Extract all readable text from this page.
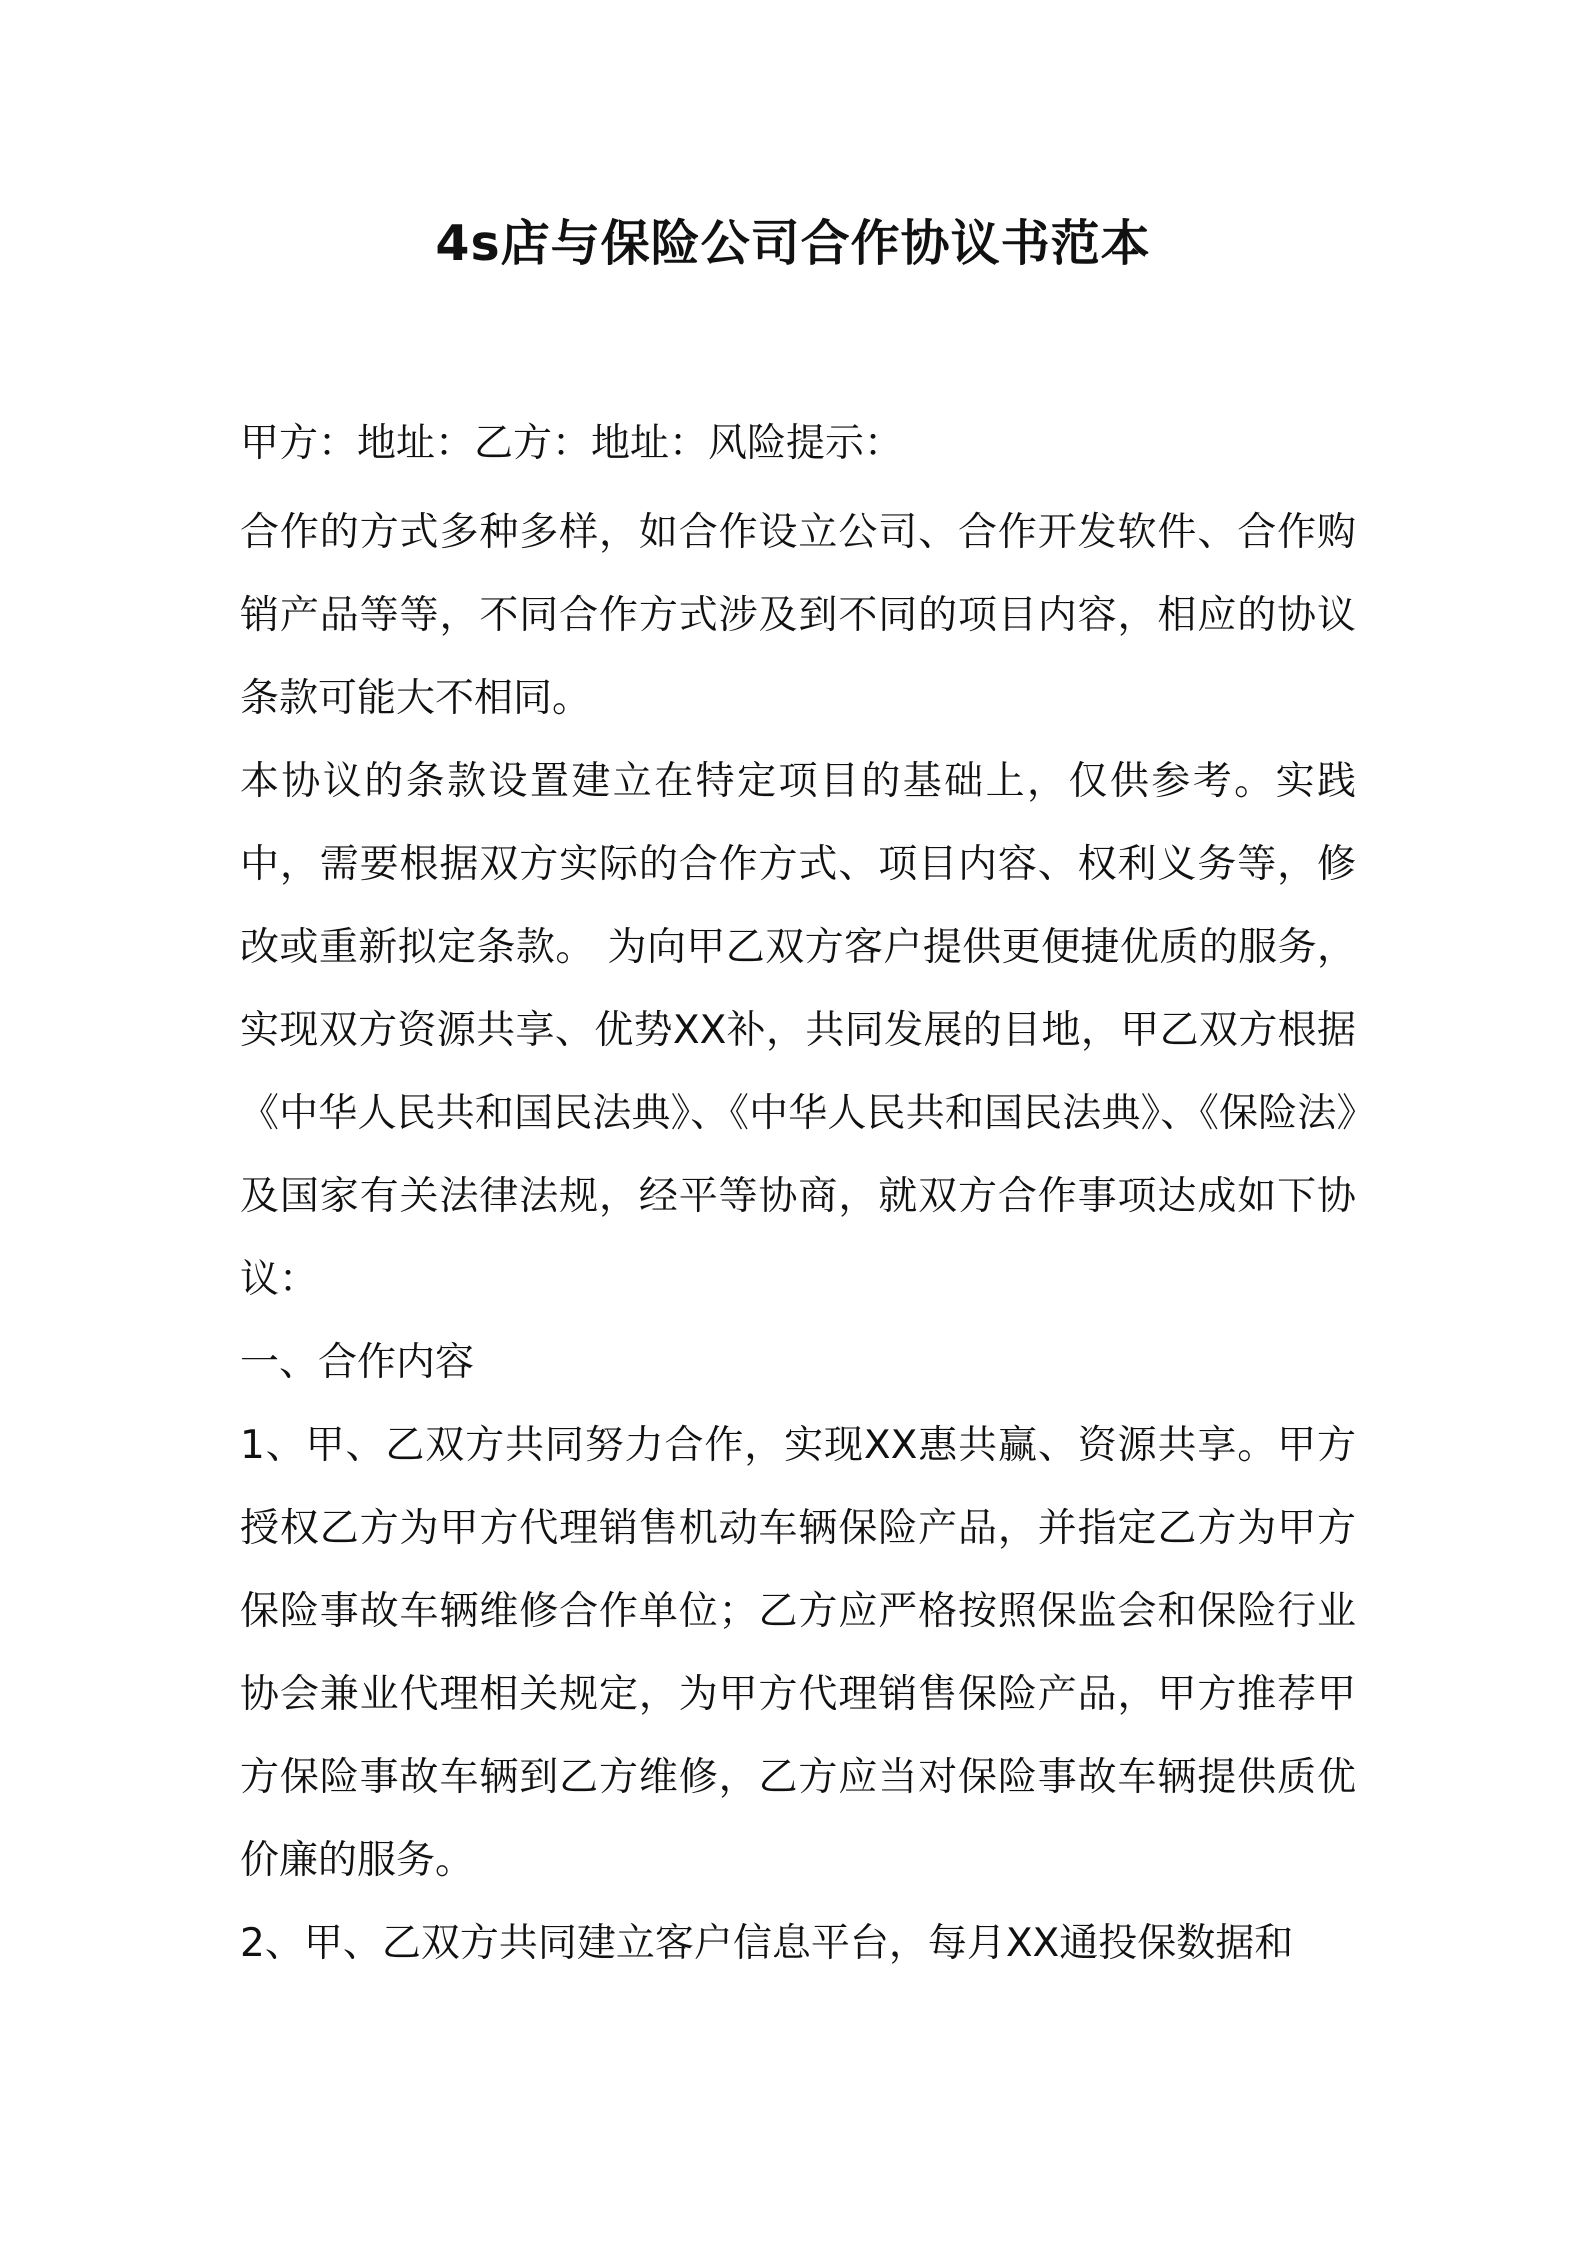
4s店与保险公司合作协议书范本

甲方：地址：乙方：地址：风险提示：

合作的方式多种多样，如合作设立公司、合作开发软件、合作购销产品等等，不同合作方式涉及到不同的项目内容，相应的协议条款可能大不相同。

本协议的条款设置建立在特定项目的基础上，仅供参考。实践中，需要根据双方实际的合作方式、项目内容、权利义务等，修改或重新拟定条款。 为向甲乙双方客户提供更便捷优质的服务，实现双方资源共享、优势XX补，共同发展的目地，甲乙双方根据《中华人民共和国民法典》、《中华人民共和国民法典》、《保险法》及国家有关法律法规，经平等协商，就双方合作事项达成如下协议：

一、合作内容

1、甲、乙双方共同努力合作，实现XX惠共赢、资源共享。甲方授权乙方为甲方代理销售机动车辆保险产品，并指定乙方为甲方保险事故车辆维修合作单位；乙方应严格按照保监会和保险行业协会兼业代理相关规定，为甲方代理销售保险产品，甲方推荐甲方保险事故车辆到乙方维修，乙方应当对保险事故车辆提供质优价廉的服务。

2、甲、乙双方共同建立客户信息平台，每月XX通投保数据和
